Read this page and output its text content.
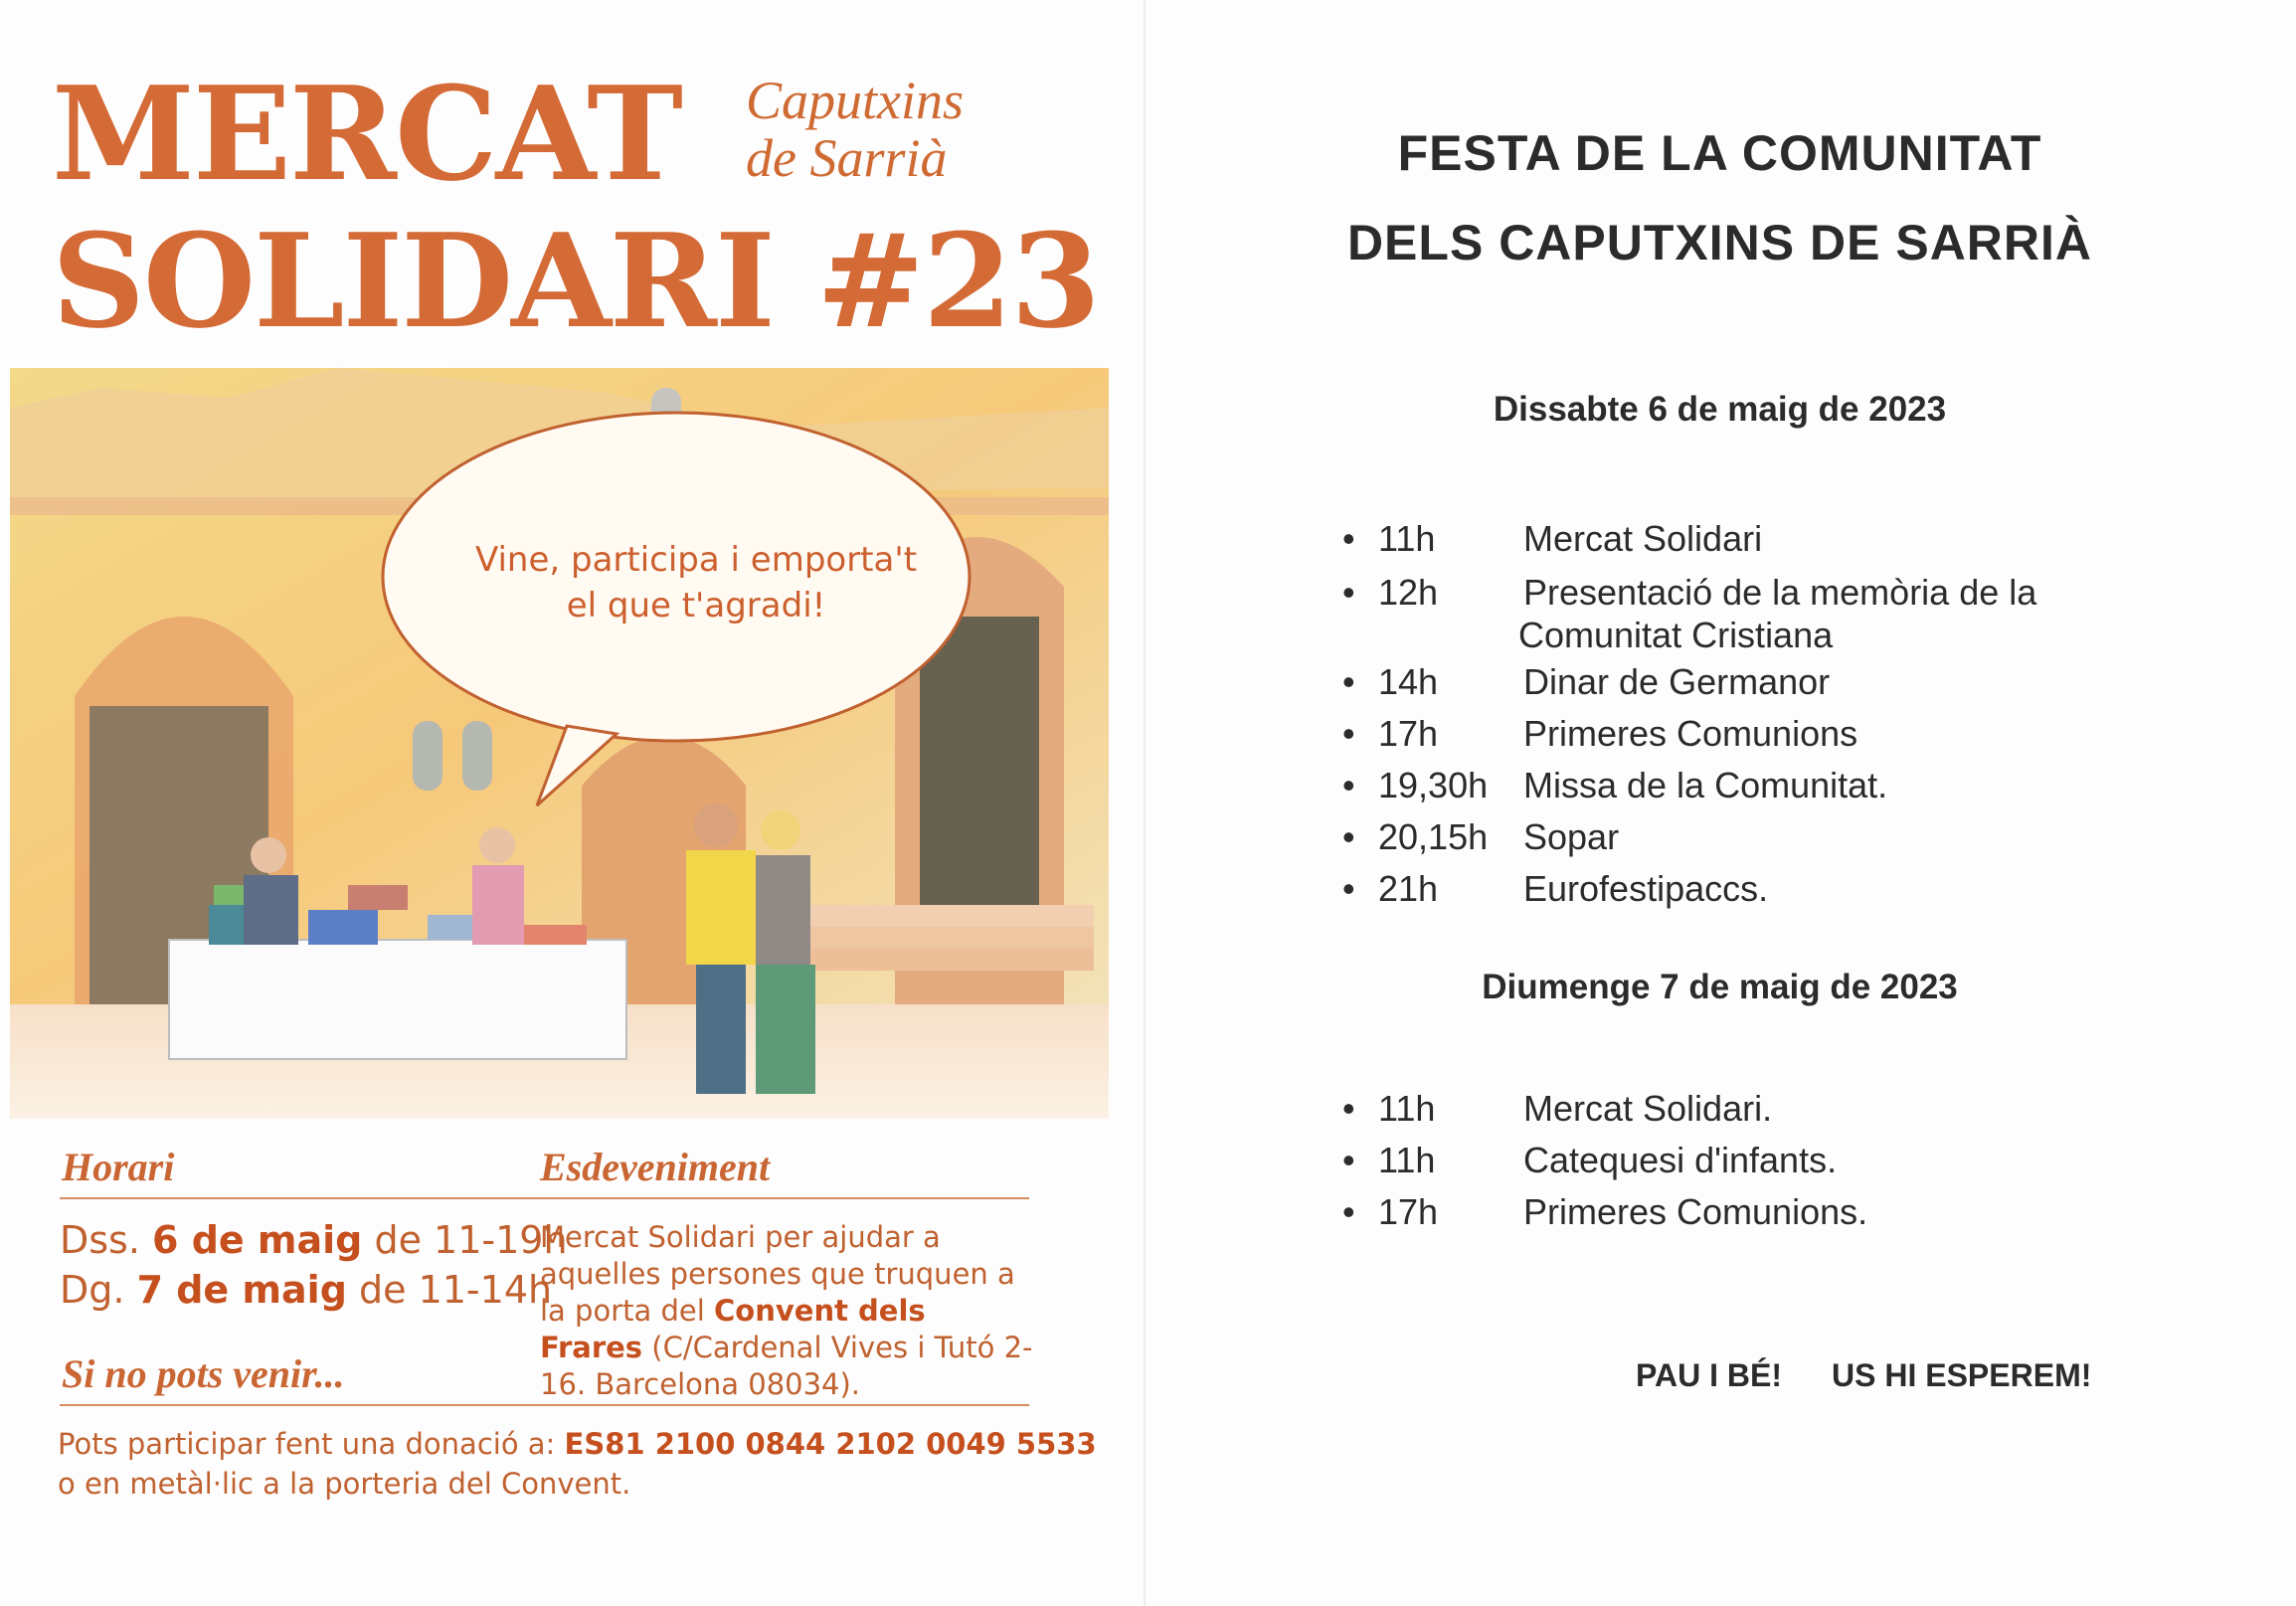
MERCAT
SOLIDARI #23
Caputxins
de Sarrià
Vine, participa i emporta't
el que t'agradi!
Horari	Esdeveniment
Dss. 6 de maig de 11-19h
Dg. 7 de maig de 11-14h
Mercat Solidari per ajudar a aquelles persones que truquen a la porta del Convent dels Frares (C/Cardenal Vives i Tutó 2-16. Barcelona 08034).
Si no pots venir...
Pots participar fent una donació a: ES81 2100 0844 2102 0049 5533
o en metàl·lic a la porteria del Convent.
FESTA DE LA COMUNITAT
DELS CAPUTXINS DE SARRIÀ
Dissabte 6 de maig de 2023
• 11h Mercat Solidari
• 12h Presentació de la memòria de la
• 14h Dinar de Germanor
• 17h Primeres Comunions
• 19,30h Missa de la Comunitat.
• 20,15h Sopar
• 21h Eurofestipaccs.
Comunitat Cristiana
Diumenge 7 de maig de 2023
• 11h Mercat Solidari.
• 11h Catequesi d'infants.
• 17h Primeres Comunions.
PAU I BÉ! US HI ESPEREM!
